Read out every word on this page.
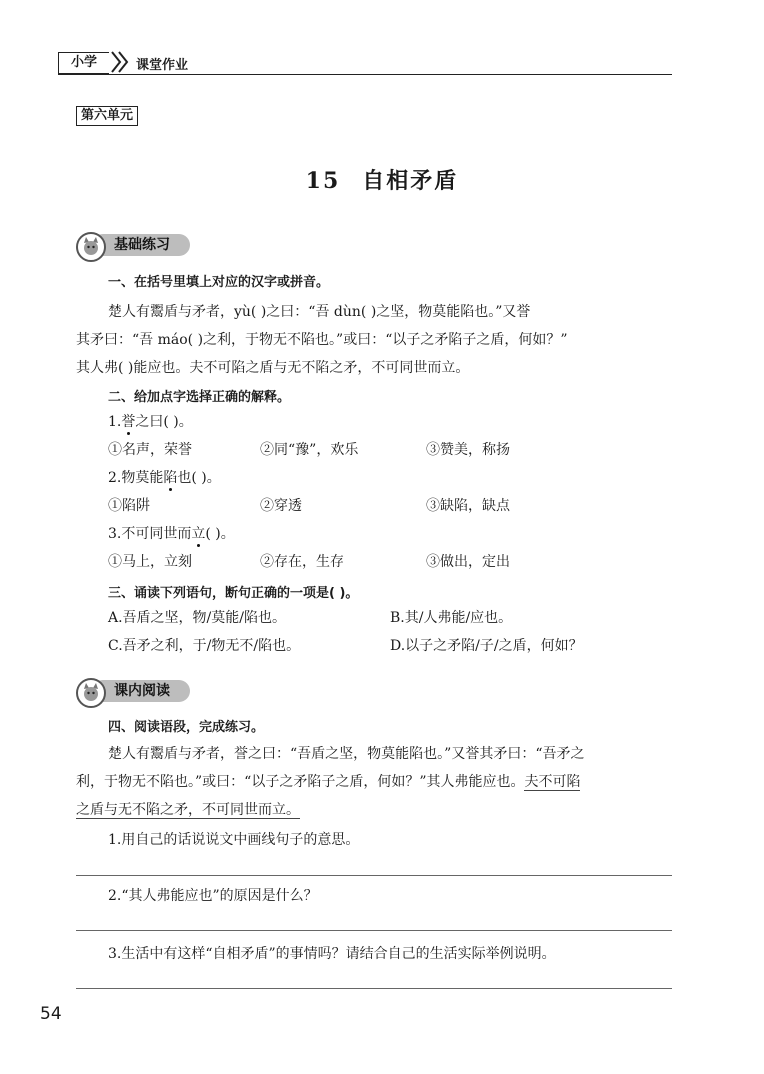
小学	课堂作业
第六单元
15 自相矛盾
基础练习
一、在括号里填上对应的汉字或拼音。
楚人有鬻盾与矛者，yù( )之曰：“吾 dùn( )之坚，物莫能陷也。”又誉
其矛曰：“吾 máo( )之利，于物无不陷也。”或曰：“以子之矛陷子之盾，何如？”
其人弗( )能应也。夫不可陷之盾与无不陷之矛，不可同世而立。
二、给加点字选择正确的解释。
1.誉之曰( )。
①名声，荣誉	②同“豫”，欢乐	③赞美，称扬
2.物莫能陷也( )。
①陷阱	②穿透	③缺陷，缺点
3.不可同世而立( )。
①马上，立刻	②存在，生存	③做出，定出
三、诵读下列语句，断句正确的一项是( )。
A.吾盾之坚，物/莫能/陷也。	B.其/人弗能/应也。
C.吾矛之利，于/物无不/陷也。	D.以子之矛陷/子/之盾，何如？
课内阅读
四、阅读语段，完成练习。
楚人有鬻盾与矛者，誉之曰：“吾盾之坚，物莫能陷也。”又誉其矛曰：“吾矛之
利，于物无不陷也。”或曰：“以子之矛陷子之盾，何如？”其人弗能应也。夫不可陷
之盾与无不陷之矛，不可同世而立。
1.用自己的话说说文中画线句子的意思。
2.“其人弗能应也”的原因是什么？
3.生活中有这样“自相矛盾”的事情吗？请结合自己的生活实际举例说明。
54
